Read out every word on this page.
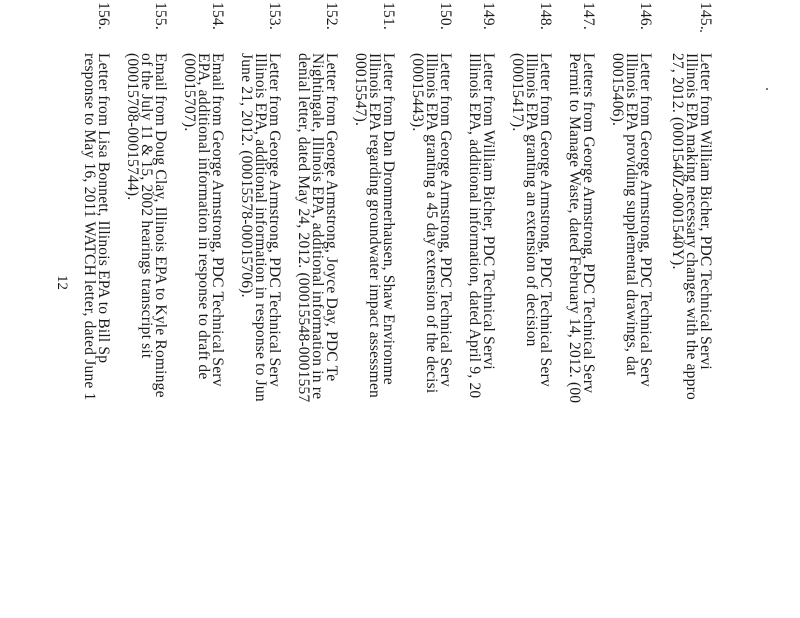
145.
Letter from William Bicher, PDC Technical Servi
Illinois EPA making necessary changes with the appro
27, 2012. (0001540Z-0001540Y).
146.
Letter from George Armstrong, PDC Technical Serv
Illinois EPA providing supplemental drawings, dat
00015406).
147.
Letters from George Armstrong, PDC Technical Serv
Permit to Manage Waste, dated February 14, 2012. (00
148.
Letter from George Armstrong, PDC Technical Serv
Illinois EPA granting an extension of decision
(00015417).
149.
Letter from William Bicher, PDC Technical Servi
Illinois EPA, additional information, dated April 9, 20
150.
Letter from George Armstrong, PDC Technical Serv
Illinois EPA granting a 45 day extension of the decisi
(00015443).
151.
Letter from Dan Drommerhausen, Shaw Environme
Illinois EPA regarding groundwater impact assessmen
00015547).
152.
Letter from George Armstrong, Joyce Day, PDC Te
Nightingale, Illinois EPA, additional information in re
denial letter, dated May 24, 2012. (00015548-0001557
153.
Letter from George Armstrong, PDC Technical Serv
Illinois EPA, additional information in response to Jun
June 21, 2012. (00015578-00015706).
154.
Email from George Armstrong, PDC Technical Serv
EPA, additional information in response to draft de
(00015707).
155.
Email from Doug Clay, Illinois EPA to Kyle Rominge
of the July 11 & 15, 2002 hearings transcript sit
(00015708-00015744).
156.
Letter from Lisa Bonnett, Illinois EPA to Bill Sp
response to May 16, 2011 WATCH letter, dated June 1
12
